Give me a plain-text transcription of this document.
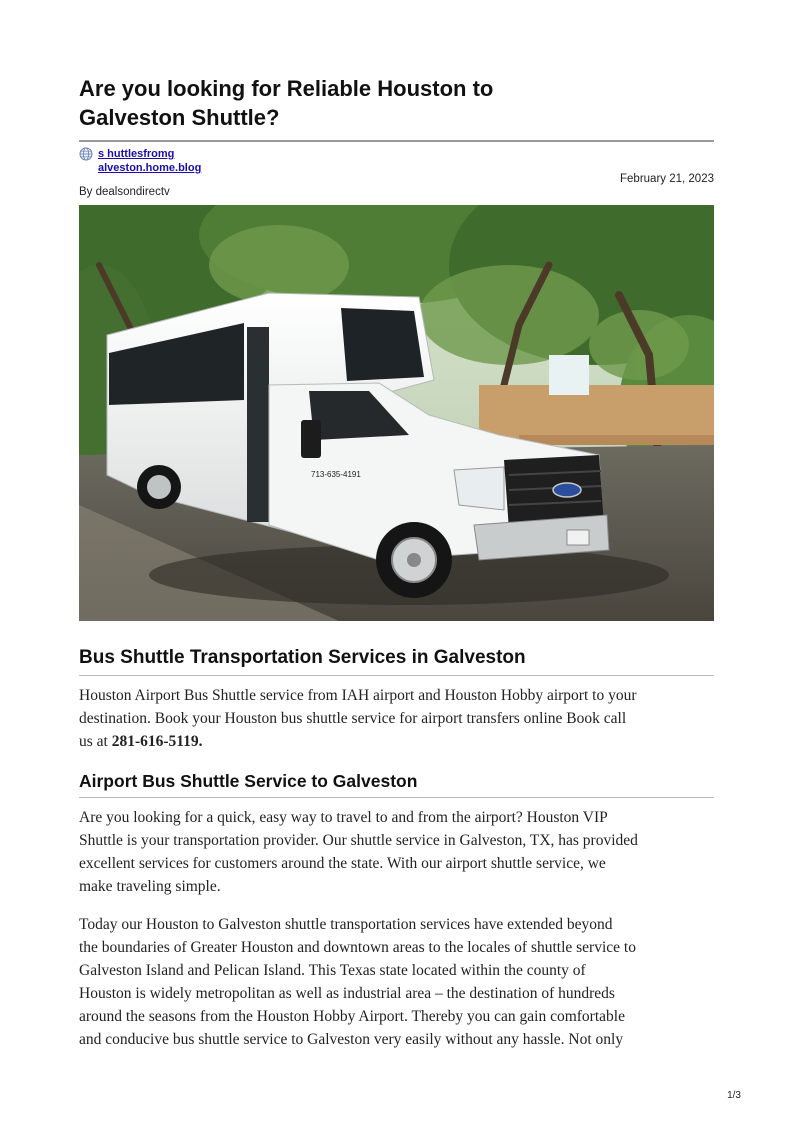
Are you looking for Reliable Houston to
Galveston Shuttle?
s huttlesfromg
alveston.home.blog
February 21, 2023
By dealsondirectv
713-635-4191
Bus Shuttle Transportation Services in Galveston

Houston Airport Bus Shuttle service from IAH airport and Houston Hobby airport to your
destination. Book your Houston bus shuttle service for airport transfers online Book call
us at 281-616-5119.

Airport Bus Shuttle Service to Galveston

Are you looking for a quick, easy way to travel to and from the airport? Houston VIP
Shuttle is your transportation provider. Our shuttle service in Galveston, TX, has provided
excellent services for customers around the state. With our airport shuttle service, we
make traveling simple.

Today our Houston to Galveston shuttle transportation services have extended beyond
the boundaries of Greater Houston and downtown areas to the locales of shuttle service to
Galveston Island and Pelican Island. This Texas state located within the county of
Houston is widely metropolitan as well as industrial area – the destination of hundreds
around the seasons from the Houston Hobby Airport. Thereby you can gain comfortable
and conducive bus shuttle service to Galveston very easily without any hassle. Not only

1/3
